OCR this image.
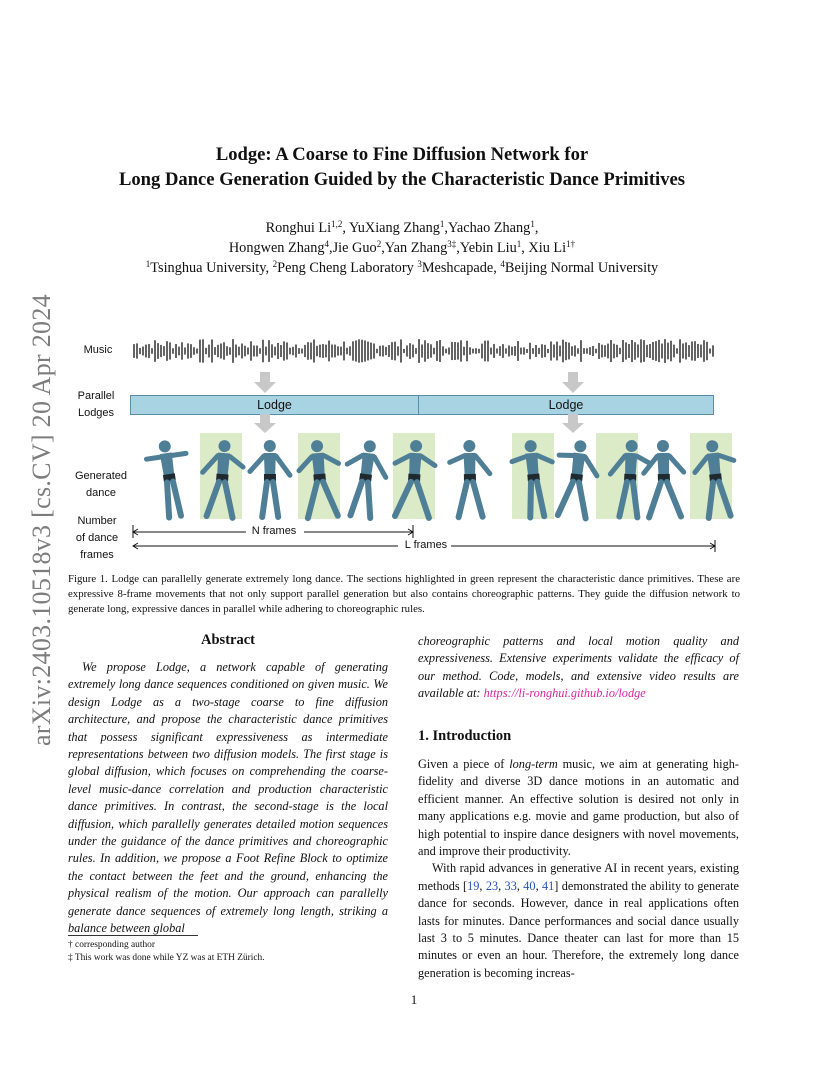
arXiv:2403.10518v3 [cs.CV] 20 Apr 2024
Lodge: A Coarse to Fine Diffusion Network for
Long Dance Generation Guided by the Characteristic Dance Primitives
Ronghui Li$^{1,2}$, YuXiang Zhang$^1$,Yachao Zhang$^1$,
Hongwen Zhang$^4$,Jie Guo$^2$,Yan Zhang$^{3\ddagger}$,Yebin Liu$^1$, Xiu $Li^{1\dagger}$
$^1$Tsinghua University, $^2$Peng Cheng Laboratory $^3$Meshcapade, $^4$Beijing Normal University
Music
Parallel
Lodges
Generated
dance
Number
of dance
frames
Lodge	Lodge
N frames
L frames
Figure 1. Lodge can parallelly generate extremely long dance. The sections highlighted in green represent the characteristic dance primitives. These are expressive 8-frame movements that not only support parallel generation but also contains choreographic patterns. They guide the diffusion network to generate long, expressive dances in parallel while adhering to choreographic rules.
Abstract
We propose Lodge, a network capable of generating extremely long dance sequences conditioned on given music. We design Lodge as a two-stage coarse to fine diffusion architecture, and propose the characteristic dance primitives that possess significant expressiveness as intermediate representations between two diffusion models. The first stage is global diffusion, which focuses on comprehending the coarse-level music-dance correlation and production characteristic dance primitives. In contrast, the second-stage is the local diffusion, which parallelly generates detailed motion sequences under the guidance of the dance primitives and choreographic rules. In addition, we propose a Foot Refine Block to optimize the contact between the feet and the ground, enhancing the physical realism of the motion. Our approach can parallelly generate dance sequences of extremely long length, striking a balance between global
† corresponding author
‡ This work was done while YZ was at ETH Zürich.
choreographic patterns and local motion quality and expressiveness. Extensive experiments validate the efficacy of our method. Code, models, and extensive video results are available at: https://li-ronghui.github.io/lodge
1. Introduction
Given a piece of long-term music, we aim at generating high-fidelity and diverse 3D dance motions in an automatic and efficient manner. An effective solution is desired not only in many applications e.g. movie and game production, but also of high potential to inspire dance designers with novel movements, and improve their productivity.
With rapid advances in generative AI in recent years, existing methods [19, 23, 33, 40, 41] demonstrated the ability to generate dance for seconds. However, dance in real applications often lasts for minutes. Dance performances and social dance usually last 3 to 5 minutes. Dance theater can last for more than 15 minutes or even an hour. Therefore, the extremely long dance generation is becoming increas-
1
